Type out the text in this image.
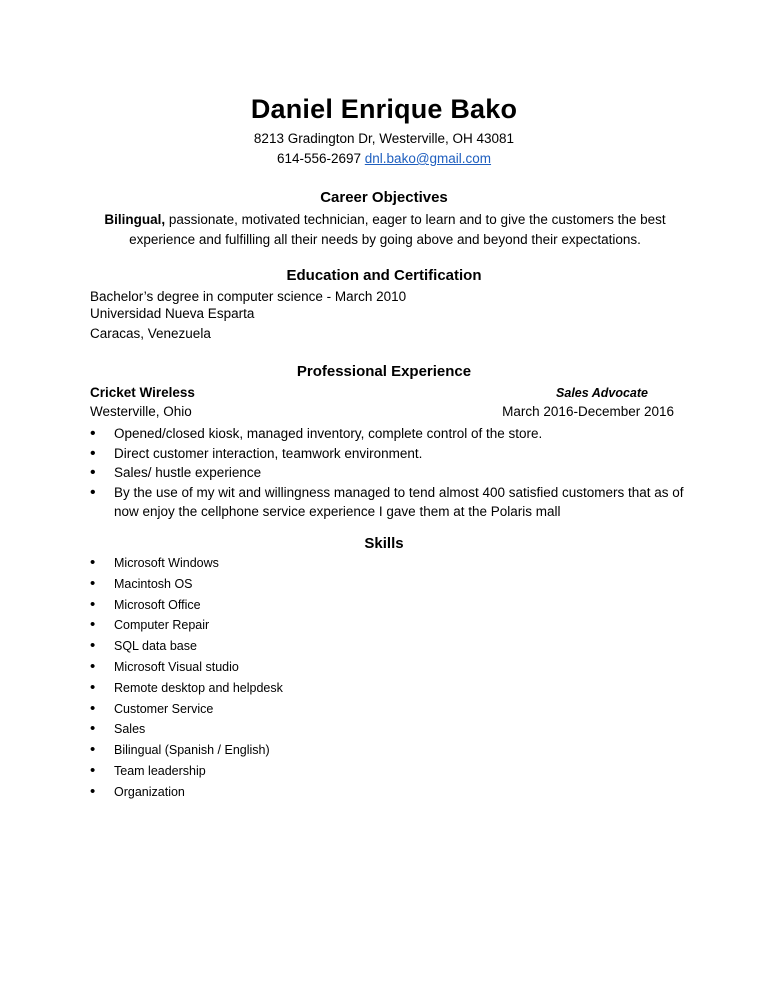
Daniel Enrique Bako
8213 Gradington Dr, Westerville, OH 43081
614-556-2697 dnl.bako@gmail.com
Career Objectives
Bilingual, passionate, motivated technician, eager to learn and to give the customers the best experience and fulfilling all their needs by going above and beyond their expectations.
Education and Certification
Bachelor’s degree in computer science - March 2010
Universidad Nueva Esparta
Caracas, Venezuela
Professional Experience
Cricket Wireless	Sales Advocate
Westerville, Ohio	March 2016-December 2016
• Opened/closed kiosk, managed inventory, complete control of the store.
• Direct customer interaction, teamwork environment.
• Sales/ hustle experience
• By the use of my wit and willingness managed to tend almost 400 satisfied customers that as of now enjoy the cellphone service experience I gave them at the Polaris mall
Skills
• Microsoft Windows
• Macintosh OS
• Microsoft Office
• Computer Repair
• SQL data base
• Microsoft Visual studio
• Remote desktop and helpdesk
• Customer Service
• Sales
• Bilingual (Spanish / English)
• Team leadership
• Organization
